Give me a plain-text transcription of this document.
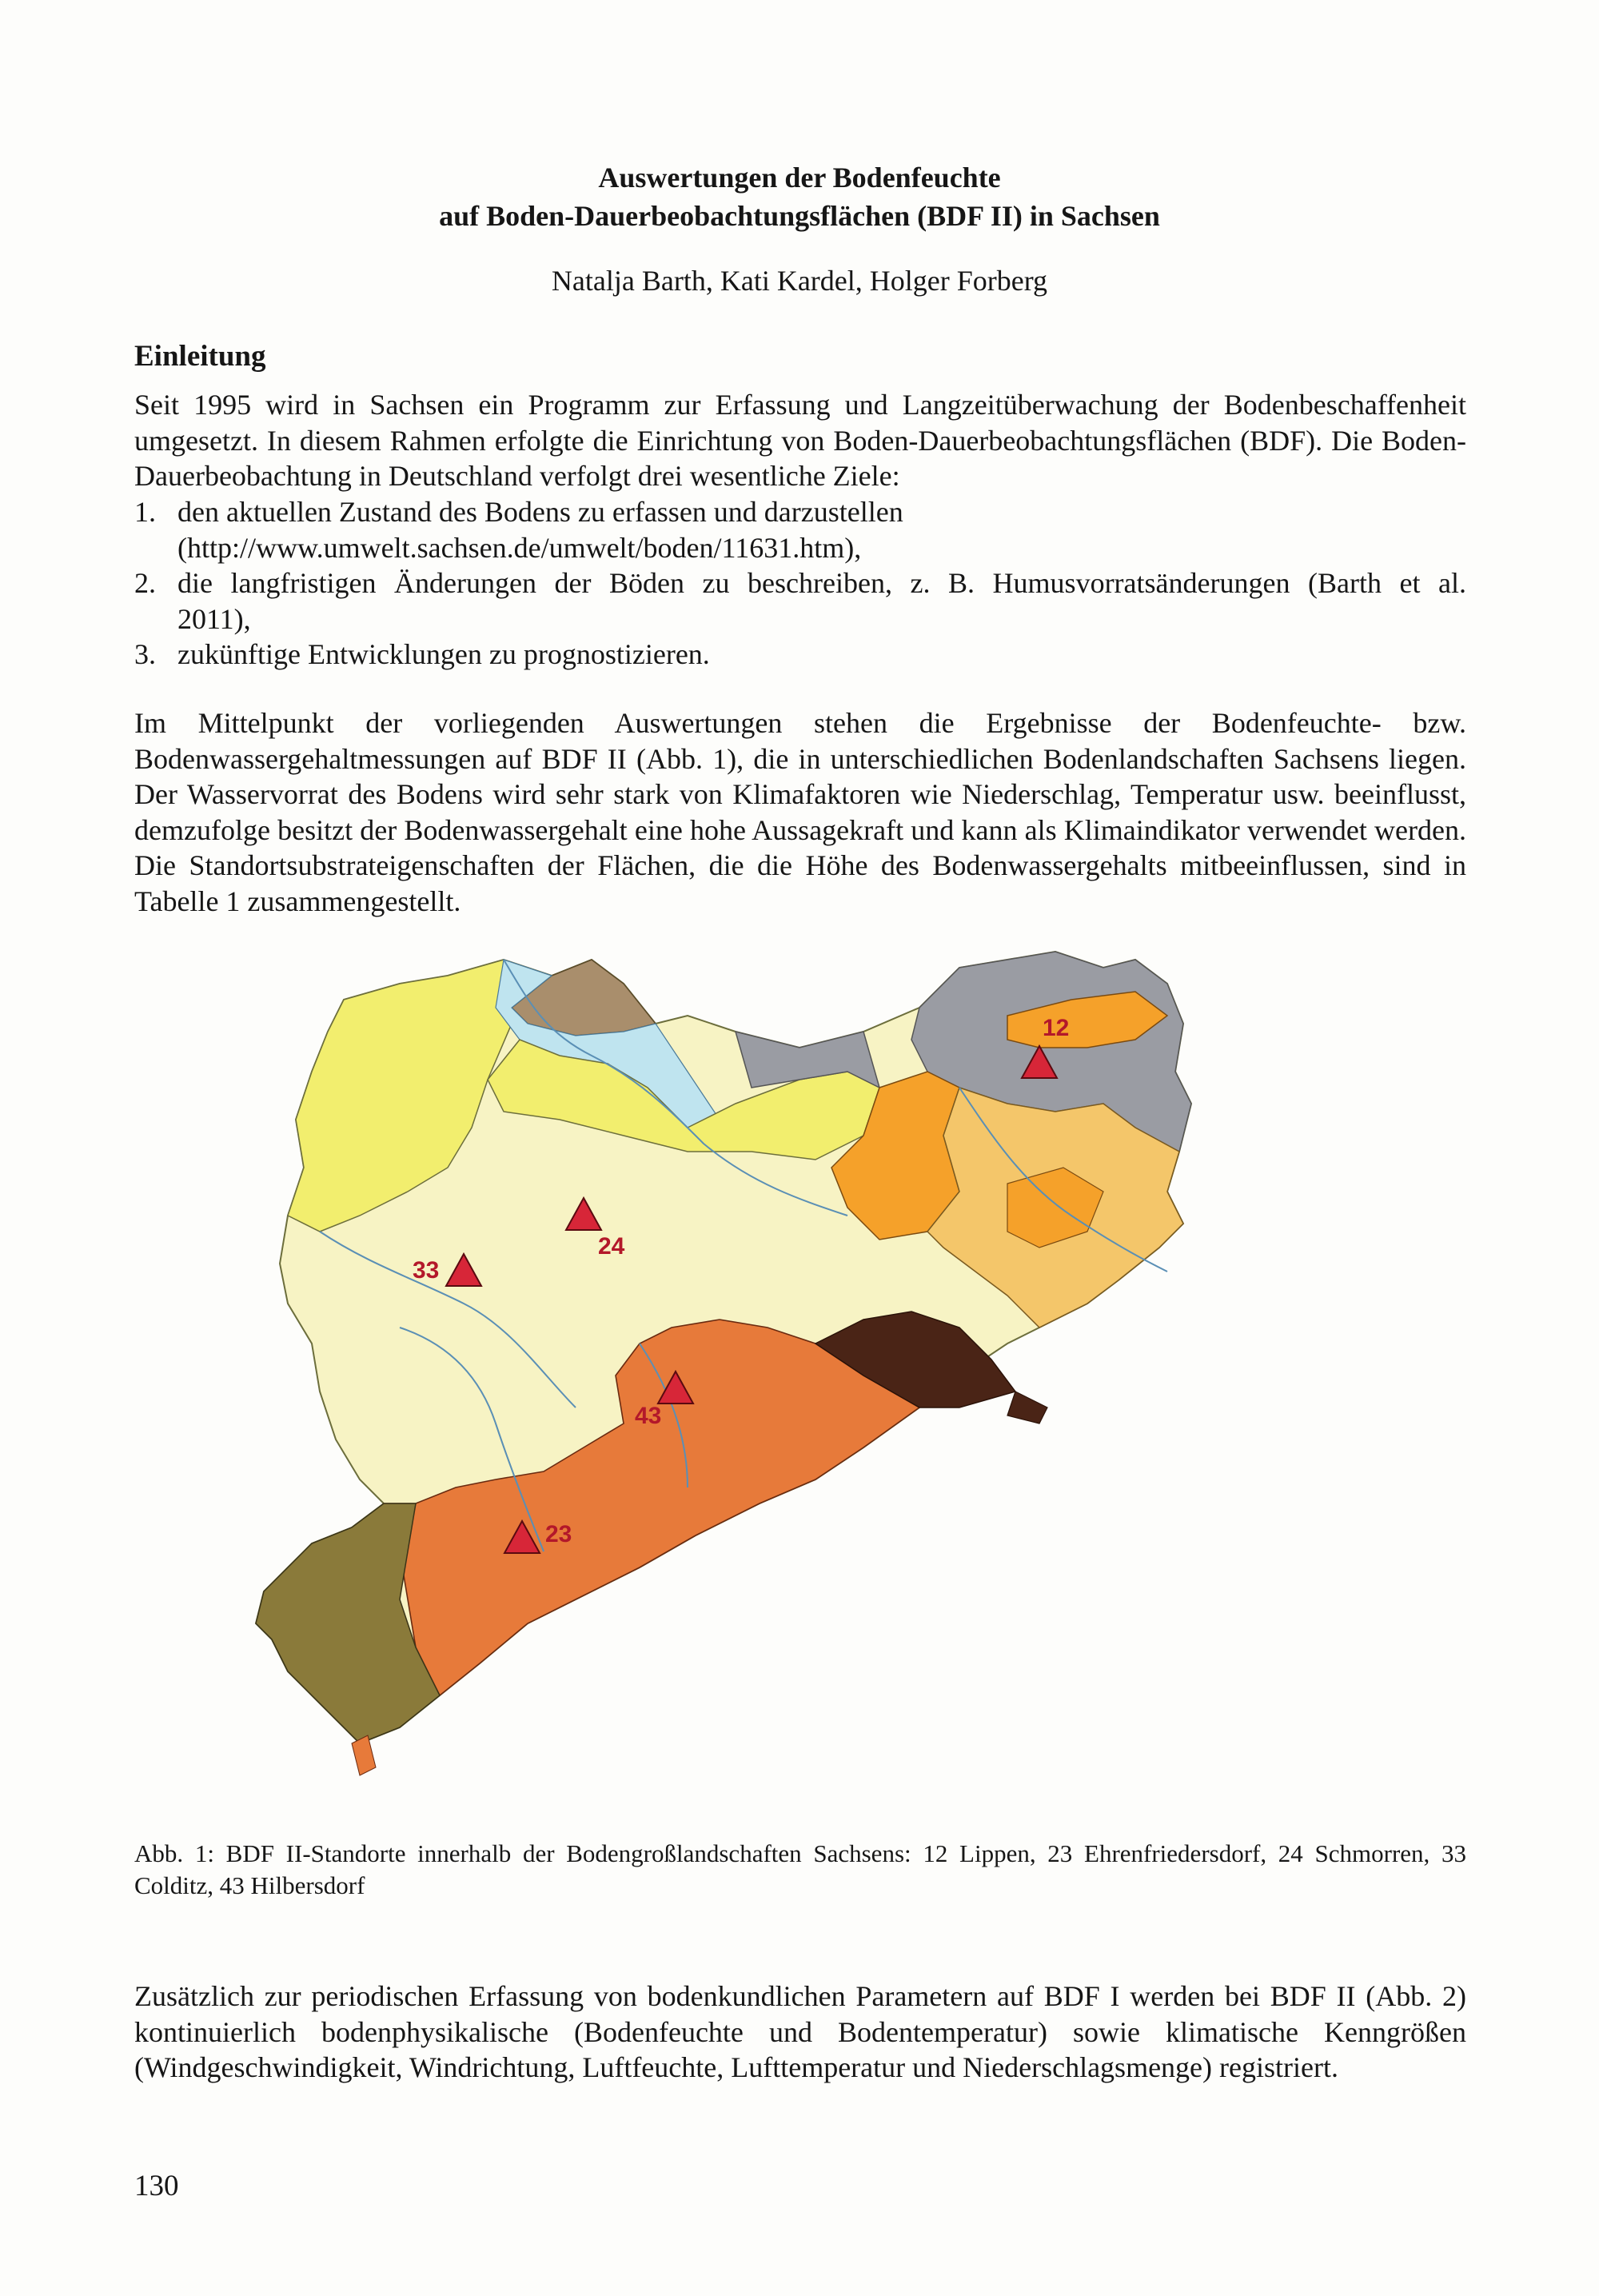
Auswertungen der Bodenfeuchte
auf Boden-Dauerbeobachtungsflächen (BDF II) in Sachsen
Natalja Barth, Kati Kardel, Holger Forberg
Einleitung

Seit 1995 wird in Sachsen ein Programm zur Erfassung und Langzeitüberwachung der Bodenbeschaffenheit umgesetzt. In diesem Rahmen erfolgte die Einrichtung von Boden-Dauerbeobachtungsflächen (BDF). Die Boden-Dauerbeobachtung in Deutschland verfolgt drei wesentliche Ziele:

1. den aktuellen Zustand des Bodens zu erfassen und darzustellen
(http://www.umwelt.sachsen.de/umwelt/boden/11631.htm),
2. die langfristigen Änderungen der Böden zu beschreiben, z. B. Humusvorratsänderungen (Barth et al.
2011),
3. zukünftige Entwicklungen zu prognostizieren.

Im Mittelpunkt der vorliegenden Auswertungen stehen die Ergebnisse der Bodenfeuchte- bzw. Bodenwassergehaltmessungen auf BDF II (Abb. 1), die in unterschiedlichen Bodenlandschaften Sachsens liegen. Der Wasservorrat des Bodens wird sehr stark von Klimafaktoren wie Niederschlag, Temperatur usw. beeinflusst, demzufolge besitzt der Bodenwassergehalt eine hohe Aussagekraft und kann als Klimaindikator verwendet werden. Die Standortsubstrateigenschaften der Flächen, die die Höhe des Bodenwassergehalts mitbeeinflussen, sind in Tabelle 1 zusammengestellt.

12
24
33
43
23
Abb. 1: BDF II-Standorte innerhalb der Bodengroßlandschaften Sachsens: 12 Lippen, 23 Ehrenfriedersdorf, 24 Schmorren, 33 Colditz, 43 Hilbersdorf

Zusätzlich zur periodischen Erfassung von bodenkundlichen Parametern auf BDF I werden bei BDF II (Abb. 2) kontinuierlich bodenphysikalische (Bodenfeuchte und Bodentemperatur) sowie klimatische Kenngrößen (Windgeschwindigkeit, Windrichtung, Luftfeuchte, Lufttemperatur und Niederschlagsmenge) registriert.

130
